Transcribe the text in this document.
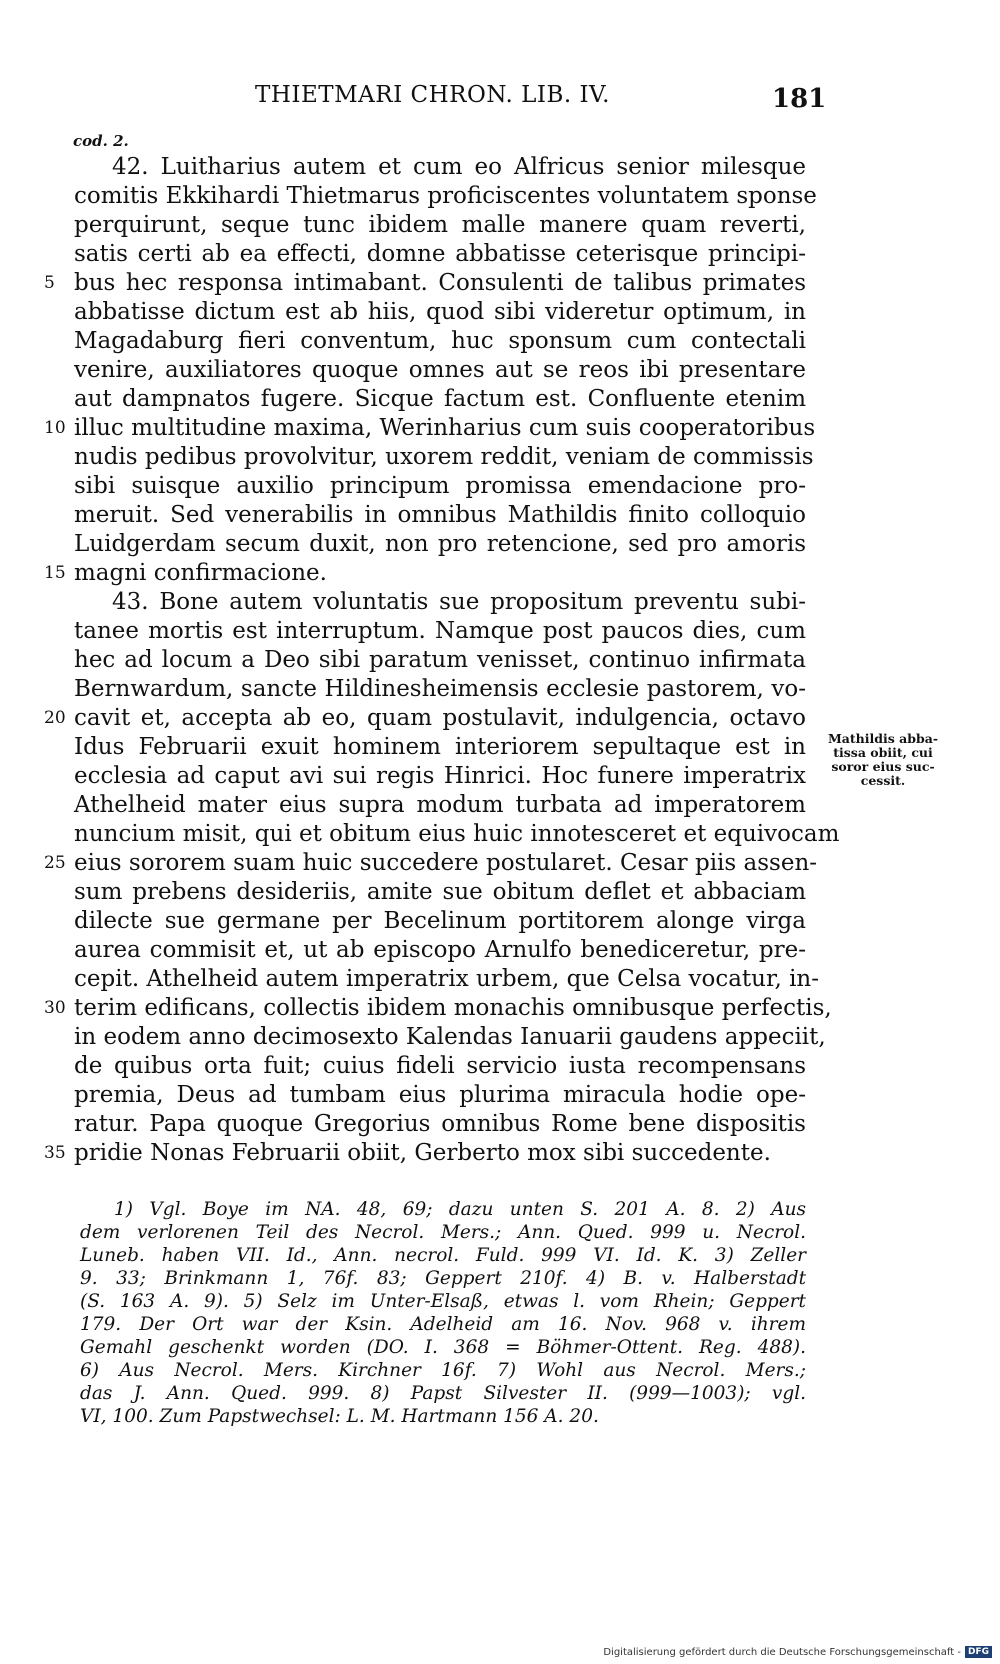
THIETMARI CHRON. LIB. IV.	181
cod. 2.
42. Luitharius autem et cum eo Alfricus senior milesque
comitis Ekkihardi Thietmarus proficiscentes voluntatem sponse
perquirunt, seque tunc ibidem malle manere quam reverti,
satis certi ab ea effecti, domne abbatisse ceterisque principi-
5 bus hec responsa intimabant. Consulenti de talibus primates
abbatisse dictum est ab hiis, quod sibi videretur optimum, in
Magadaburg fieri conventum, huc sponsum cum contectali
venire, auxiliatores quoque omnes aut se reos ibi presentare
aut dampnatos fugere. Sicque factum est. Confluente etenim
10 illuc multitudine maxima, Werinharius cum suis cooperatoribus
nudis pedibus provolvitur, uxorem reddit, veniam de commissis
sibi suisque auxilio principum promissa emendacione pro-
meruit. Sed venerabilis in omnibus Mathildis finito colloquio
Luidgerdam secum duxit, non pro retencione, sed pro amoris
15 magni confirmacione.
43. Bone autem voluntatis sue propositum preventu subi-
tanee mortis est interruptum. Namque post paucos dies, cum
hec ad locum a Deo sibi paratum venisset, continuo infirmata
Bernwardum, sancte Hildinesheimensis ecclesie pastorem, vo-
20 cavit et, accepta ab eo, quam postulavit, indulgencia, octavo
Idus Februarii exuit hominem interiorem sepultaque est in
ecclesia ad caput avi sui regis Hinrici. Hoc funere imperatrix
Athelheid mater eius supra modum turbata ad imperatorem
nuncium misit, qui et obitum eius huic innotesceret et equivocam
25 eius sororem suam huic succedere postularet. Cesar piis assen-
sum prebens desideriis, amite sue obitum deflet et abbaciam
dilecte sue germane per Becelinum portitorem alonge virga
aurea commisit et, ut ab episcopo Arnulfo benediceretur, pre-
cepit. Athelheid autem imperatrix urbem, que Celsa vocatur, in-
30 terim edificans, collectis ibidem monachis omnibusque perfectis,
in eodem anno decimosexto Kalendas Ianuarii gaudens appeciit,
de quibus orta fuit; cuius fideli servicio iusta recompensans
premia, Deus ad tumbam eius plurima miracula hodie ope-
ratur. Papa quoque Gregorius omnibus Rome bene dispositis
35 pridie Nonas Februarii obiit, Gerberto mox sibi succedente.
Mathildis abba-
tissa obiit, cui
soror eius suc-
cessit.
1) Vgl. Boye im NA. 48, 69; dazu unten S. 201 A. 8. 2) Aus
dem verlorenen Teil des Necrol. Mers.; Ann. Qued. 999 u. Necrol.
Luneb. haben VII. Id., Ann. necrol. Fuld. 999 VI. Id. K. 3) Zeller
9. 33; Brinkmann 1, 76f. 83; Geppert 210f. 4) B. v. Halberstadt
(S. 163 A. 9). 5) Selz im Unter-Elsaß, etwas l. vom Rhein; Geppert
179. Der Ort war der Ksin. Adelheid am 16. Nov. 968 v. ihrem
Gemahl geschenkt worden (DO. I. 368 = Böhmer-Ottent. Reg. 488).
6) Aus Necrol. Mers. Kirchner 16f. 7) Wohl aus Necrol. Mers.;
das J. Ann. Qued. 999. 8) Papst Silvester II. (999—1003); vgl.
VI, 100. Zum Papstwechsel: L. M. Hartmann 156 A. 20.
Digitalisierung gefördert durch die Deutsche Forschungsgemeinschaft - DFG
